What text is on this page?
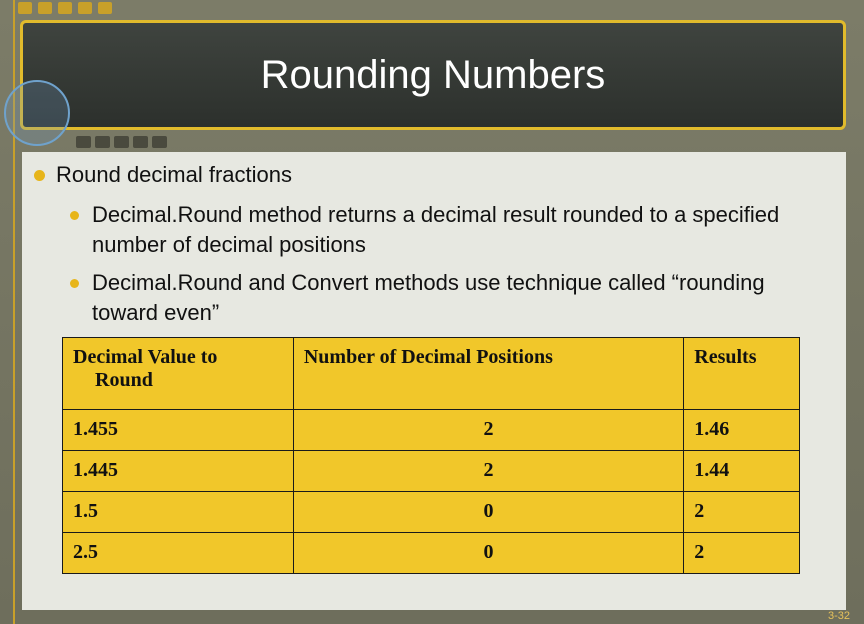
Rounding Numbers
Round decimal fractions
Decimal.Round method returns a decimal result rounded to a specified number of decimal positions
Decimal.Round and Convert methods use technique called “rounding toward even”
Decimal Value to
Round	Number of Decimal Positions	Results
1.455	2	1.46
1.445	2	1.44
1.5	0	2
2.5	0	2
3-32
